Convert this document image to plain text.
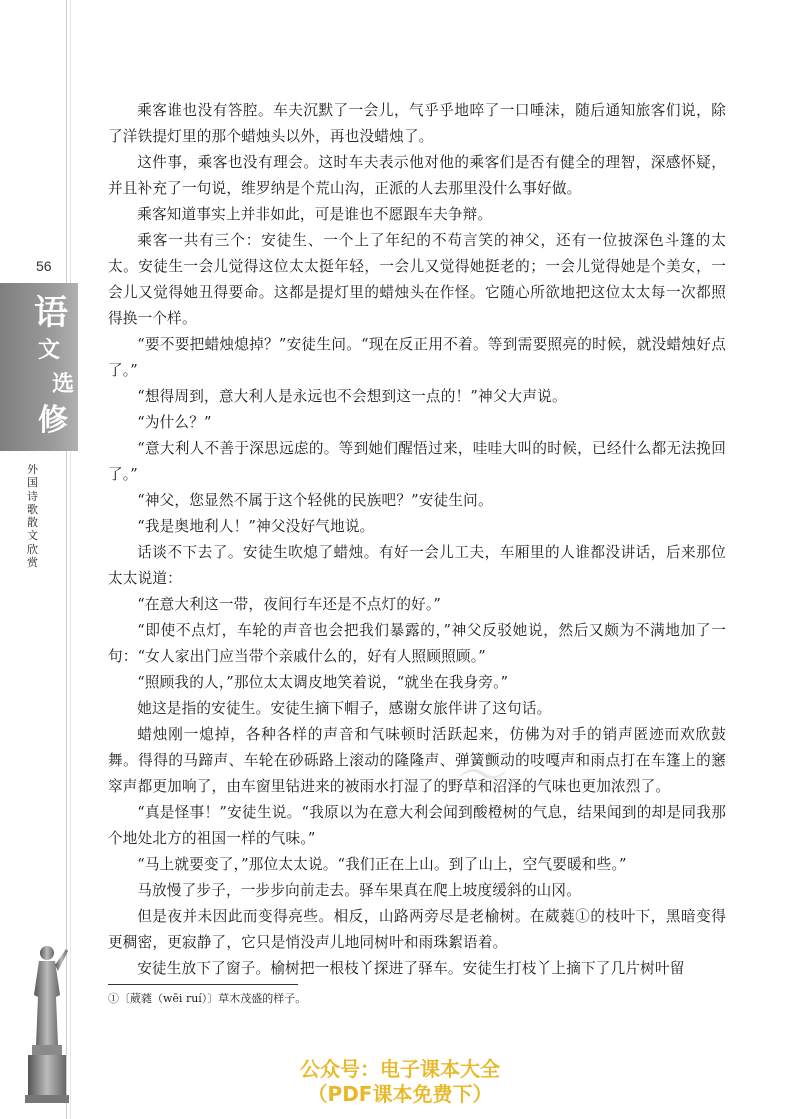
56
语
文
选
修
外国诗歌散文欣赏
〜

乘客谁也没有答腔。车夫沉默了一会儿，气乎乎地啐了一口唾沫，随后通知旅客们说，除了洋铁提灯里的那个蜡烛头以外，再也没蜡烛了。

这件事，乘客也没有理会。这时车夫表示他对他的乘客们是否有健全的理智，深感怀疑，并且补充了一句说，维罗纳是个荒山沟，正派的人去那里没什么事好做。

乘客知道事实上并非如此，可是谁也不愿跟车夫争辩。

乘客一共有三个：安徒生、一个上了年纪的不苟言笑的神父，还有一位披深色斗篷的太太。安徒生一会儿觉得这位太太挺年轻，一会儿又觉得她挺老的；一会儿觉得她是个美女，一会儿又觉得她丑得要命。这都是提灯里的蜡烛头在作怪。它随心所欲地把这位太太每一次都照得换一个样。

“要不要把蜡烛熄掉？”安徒生问。“现在反正用不着。等到需要照亮的时候，就没蜡烛好点了。”

“想得周到，意大利人是永远也不会想到这一点的！”神父大声说。

“为什么？”

“意大利人不善于深思远虑的。等到她们醒悟过来，哇哇大叫的时候，已经什么都无法挽回了。”

“神父，您显然不属于这个轻佻的民族吧？”安徒生问。

“我是奥地利人！”神父没好气地说。

话谈不下去了。安徒生吹熄了蜡烛。有好一会儿工夫，车厢里的人谁都没讲话，后来那位太太说道：

“在意大利这一带，夜间行车还是不点灯的好。”

“即使不点灯，车轮的声音也会把我们暴露的，”神父反驳她说，然后又颇为不满地加了一句：“女人家出门应当带个亲戚什么的，好有人照顾照顾。”

“照顾我的人，”那位太太调皮地笑着说，“就坐在我身旁。”

她这是指的安徒生。安徒生摘下帽子，感谢女旅伴讲了这句话。

蜡烛刚一熄掉，各种各样的声音和气味顿时活跃起来，仿佛为对手的销声匿迹而欢欣鼓舞。得得的马蹄声、车轮在砂砾路上滚动的隆隆声、弹簧颤动的吱嘎声和雨点打在车篷上的窸窣声都更加响了，由车窗里钻进来的被雨水打湿了的野草和沼泽的气味也更加浓烈了。

“真是怪事！”安徒生说。“我原以为在意大利会闻到酸橙树的气息，结果闻到的却是同我那个地处北方的祖国一样的气味。”

“马上就要变了，”那位太太说。“我们正在上山。到了山上，空气要暖和些。”

马放慢了步子，一步步向前走去。驿车果真在爬上坡度缓斜的山冈。

但是夜并未因此而变得亮些。相反，山路两旁尽是老榆树。在葳蕤①的枝叶下，黑暗变得更稠密，更寂静了，它只是悄没声儿地同树叶和雨珠絮语着。

安徒生放下了窗子。榆树把一根枝丫探进了驿车。安徒生打枝丫上摘下了几片树叶留

①〔葳蕤（wēi ruí）〕草木茂盛的样子。
公众号：电子课本大全
（PDF课本免费下）
